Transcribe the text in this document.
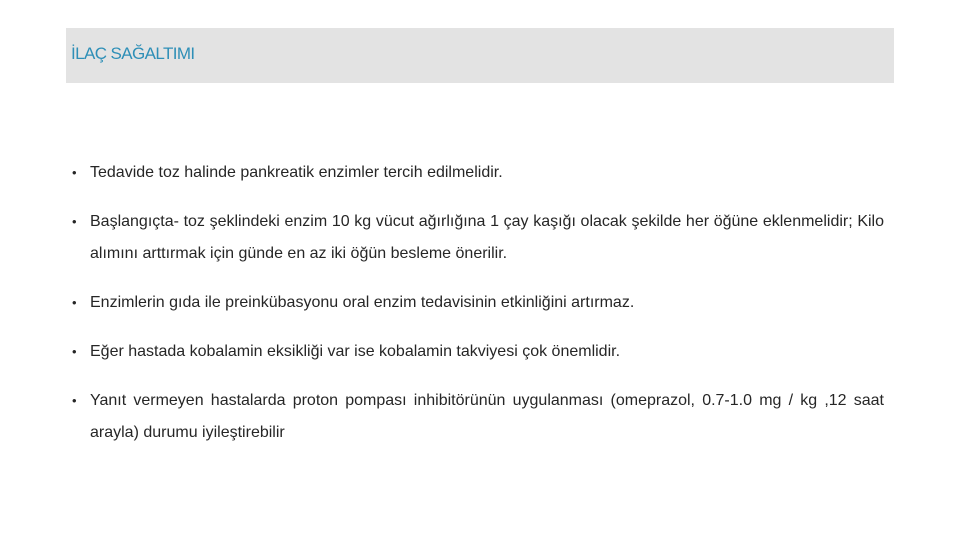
İLAÇ SAĞALTIMI
• Tedavide toz halinde pankreatik enzimler tercih edilmelidir.
• Başlangıçta- toz şeklindeki enzim 10 kg vücut ağırlığına 1 çay kaşığı olacak şekilde her öğüne eklenmelidir; Kilo alımını arttırmak için günde en az iki öğün besleme önerilir.
• Enzimlerin gıda ile preinkübasyonu oral enzim tedavisinin etkinliğini artırmaz.
• Eğer hastada kobalamin eksikliği var ise kobalamin takviyesi çok önemlidir.
• Yanıt vermeyen hastalarda proton pompası inhibitörünün uygulanması (omeprazol, 0.7-1.0 mg / kg ,12 saat arayla) durumu iyileştirebilir
